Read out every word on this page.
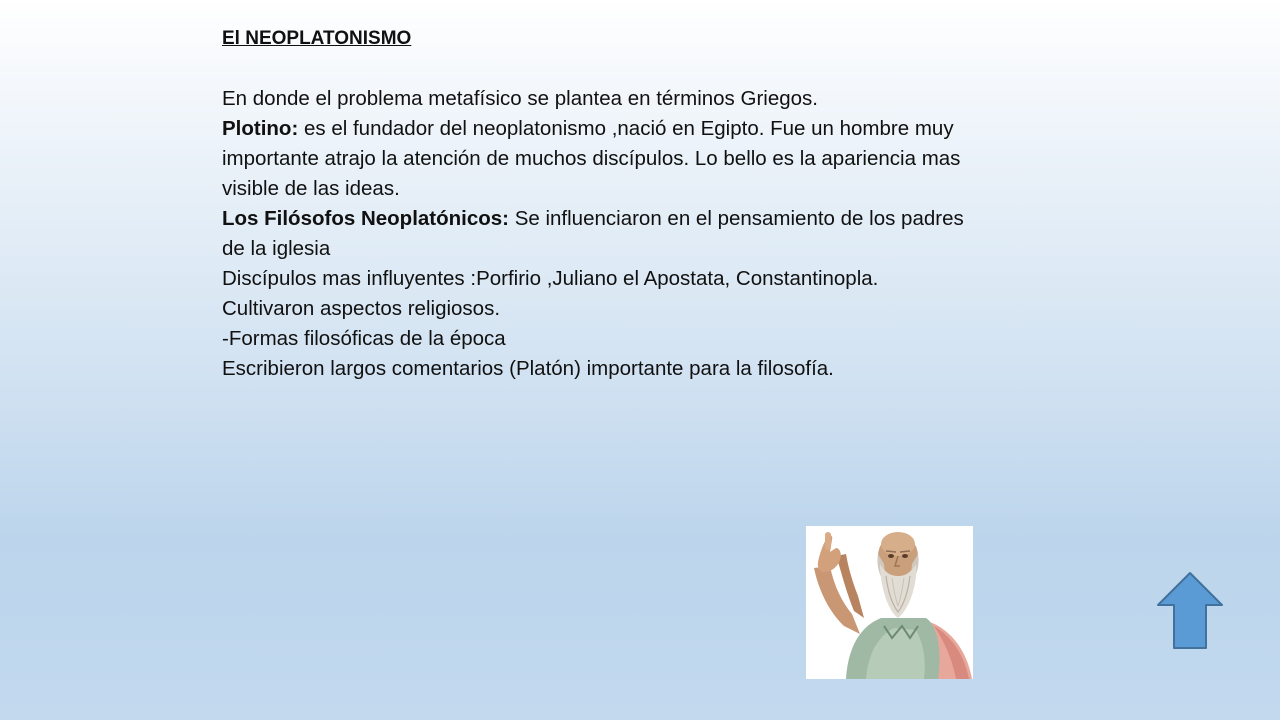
El NEOPLATONISMO

En donde el problema metafísico se plantea en términos Griegos.

Plotino: es el fundador del neoplatonismo ,nació en Egipto. Fue un hombre muy importante atrajo la atención de muchos discípulos. Lo bello es la apariencia mas visible de las ideas.

Los Filósofos Neoplatónicos: Se influenciaron en el pensamiento de los padres de la iglesia

Discípulos mas influyentes :Porfirio ,Juliano el Apostata, Constantinopla.

Cultivaron aspectos religiosos.

-Formas filosóficas de la época

Escribieron largos comentarios (Platón) importante para la filosofía.
